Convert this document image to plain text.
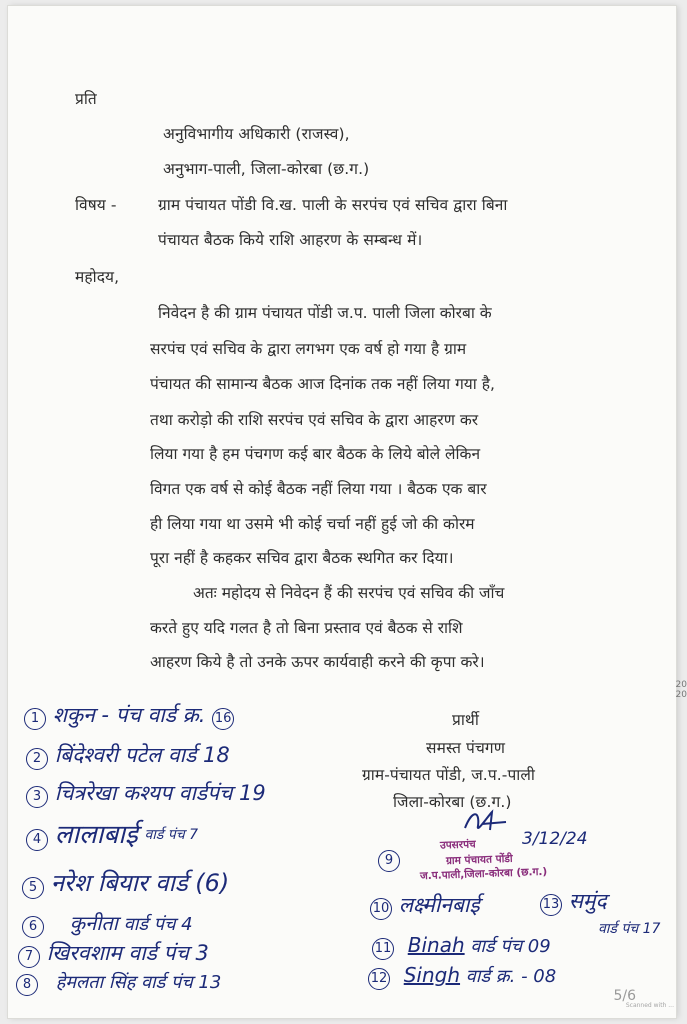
प्रति
अनुविभागीय अधिकारी (राजस्व),
अनुभाग-पाली, जिला-कोरबा (छ.ग.)
विषय -	ग्राम पंचायत पोंडी वि.ख. पाली के सरपंच एवं सचिव द्वारा बिना
पंचायत बैठक किये राशि आहरण के सम्बन्ध में।
महोदय,
निवेदन है की ग्राम पंचायत पोंडी ज.प. पाली जिला कोरबा के
सरपंच एवं सचिव के द्वारा लगभग एक वर्ष हो गया है ग्राम
पंचायत की सामान्य बैठक आज दिनांक तक नहीं लिया गया है,
तथा करोड़ो की राशि सरपंच एवं सचिव के द्वारा आहरण कर
लिया गया है हम पंचगण कई बार बैठक के लिये बोले लेकिन
विगत एक वर्ष से कोई बैठक नहीं लिया गया । बैठक एक बार
ही लिया गया था उसमे भी कोई चर्चा नहीं हुई जो की कोरम
पूरा नहीं है कहकर सचिव द्वारा बैठक स्थगित कर दिया।
अतः महोदय से निवेदन हैं की सरपंच एवं सचिव की जाँच
करते हुए यदि गलत है तो बिना प्रस्ताव एवं बैठक से राशि
आहरण किये है तो उनके ऊपर कार्यवाही करने की कृपा करे।
प्रार्थी
समस्त पंचगण
ग्राम-पंचायत पोंडी, ज.प.-पाली
जिला-कोरबा (छ.ग.)
1 शकुन - पंच वार्ड क्र. 16
2 बिंदेश्वरी पटेल वार्ड 18
3 चित्ररेखा कश्यप वार्डपंच 19
4 लालाबाई $^{वार्ड पंच 7}$
5 नरेश बियार वार्ड (6)
6 कुनीता वार्ड पंच 4
7 खिरवशाम वार्ड पंच 3
8 हेमलता सिंह वार्ड पंच 13
3/12/24
उपसरपंच
ग्राम पंचायत पोंडी
ज.प.पाली,जिला-कोरबा (छ.ग.)
9
10 लक्ष्मीनबाई
11 Binah वार्ड पंच 09
12 Singh वार्ड क्र. - 08
13 समुंद
वार्ड पंच 17
5/6
Scanned with ...
20
20
